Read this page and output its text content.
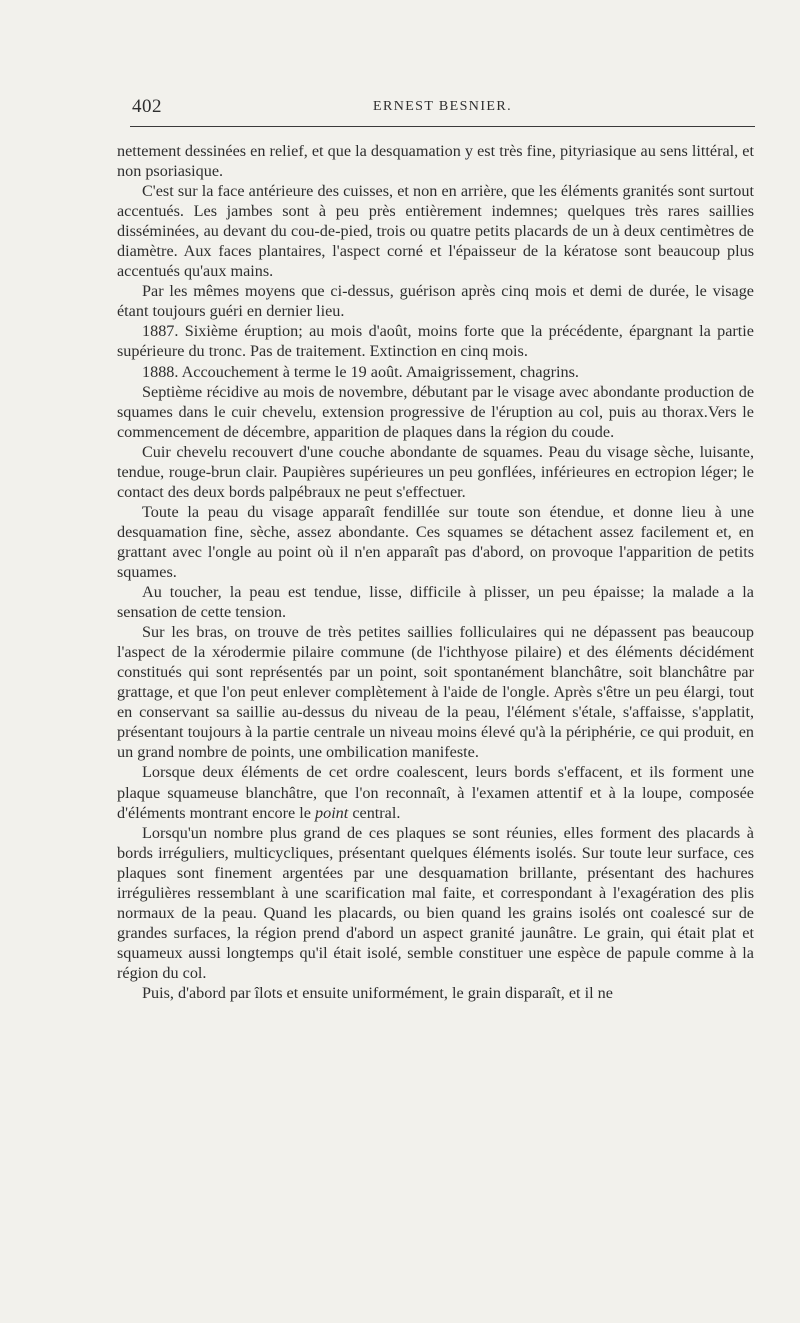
402	ERNEST BESNIER.

nettement dessinées en relief, et que la desquamation y est très fine, pityriasique au sens littéral, et non psoriasique.

C'est sur la face antérieure des cuisses, et non en arrière, que les éléments granités sont surtout accentués. Les jambes sont à peu près entièrement indemnes; quelques très rares saillies disséminées, au devant du cou-de-pied, trois ou quatre petits placards de un à deux centimètres de diamètre. Aux faces plantaires, l'aspect corné et l'épaisseur de la kératose sont beaucoup plus accentués qu'aux mains.

Par les mêmes moyens que ci-dessus, guérison après cinq mois et demi de durée, le visage étant toujours guéri en dernier lieu.

1887. Sixième éruption; au mois d'août, moins forte que la précédente, épargnant la partie supérieure du tronc. Pas de traitement. Extinction en cinq mois.

1888. Accouchement à terme le 19 août. Amaigrissement, chagrins.

Septième récidive au mois de novembre, débutant par le visage avec abondante production de squames dans le cuir chevelu, extension progressive de l'éruption au col, puis au thorax.Vers le commencement de décembre, apparition de plaques dans la région du coude.

Cuir chevelu recouvert d'une couche abondante de squames. Peau du visage sèche, luisante, tendue, rouge-brun clair. Paupières supérieures un peu gonflées, inférieures en ectropion léger; le contact des deux bords palpébraux ne peut s'effectuer.

Toute la peau du visage apparaît fendillée sur toute son étendue, et donne lieu à une desquamation fine, sèche, assez abondante. Ces squames se détachent assez facilement et, en grattant avec l'ongle au point où il n'en apparaît pas d'abord, on provoque l'apparition de petits squames.

Au toucher, la peau est tendue, lisse, difficile à plisser, un peu épaisse; la malade a la sensation de cette tension.

Sur les bras, on trouve de très petites saillies folliculaires qui ne dépassent pas beaucoup l'aspect de la xérodermie pilaire commune (de l'ichthyose pilaire) et des éléments décidément constitués qui sont représentés par un point, soit spontanément blanchâtre, soit blanchâtre par grattage, et que l'on peut enlever complètement à l'aide de l'ongle. Après s'être un peu élargi, tout en conservant sa saillie au-dessus du niveau de la peau, l'élément s'étale, s'affaisse, s'applatit, présentant toujours à la partie centrale un niveau moins élevé qu'à la périphérie, ce qui produit, en un grand nombre de points, une ombilication manifeste.

Lorsque deux éléments de cet ordre coalescent, leurs bords s'effacent, et ils forment une plaque squameuse blanchâtre, que l'on reconnaît, à l'examen attentif et à la loupe, composée d'éléments montrant encore le point central.

Lorsqu'un nombre plus grand de ces plaques se sont réunies, elles forment des placards à bords irréguliers, multicycliques, présentant quelques éléments isolés. Sur toute leur surface, ces plaques sont finement argentées par une desquamation brillante, présentant des hachures irrégulières ressemblant à une scarification mal faite, et correspondant à l'exagération des plis normaux de la peau. Quand les placards, ou bien quand les grains isolés ont coalescé sur de grandes surfaces, la région prend d'abord un aspect granité jaunâtre. Le grain, qui était plat et squameux aussi longtemps qu'il était isolé, semble constituer une espèce de papule comme à la région du col.

Puis, d'abord par îlots et ensuite uniformément, le grain disparaît, et il ne
